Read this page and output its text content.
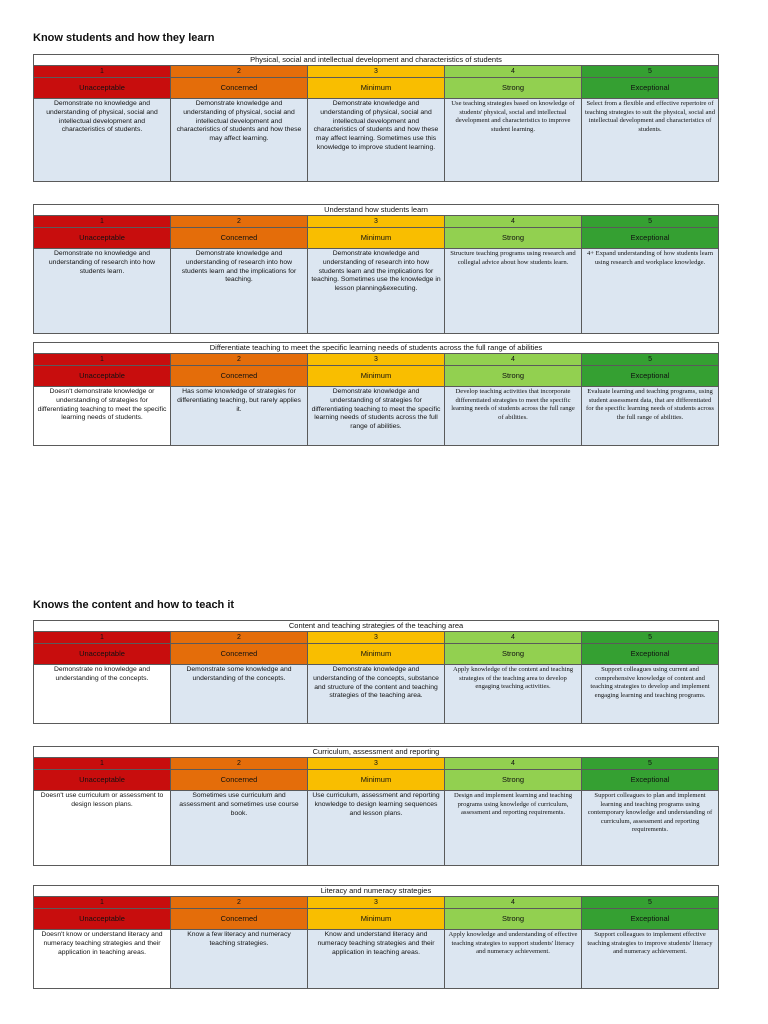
Know students and how they learn
Physical, social and intellectual development and characteristics of students				
1	2	3	4	5
Unacceptable	Concerned	Minimum	Strong	Exceptional
Demonstrate no knowledge and understanding of physical, social and intellectual development and characteristics of students.	Demonstrate knowledge and understanding of physical, social and intellectual development and characteristics of students and how these may affect learning.	Demonstrate knowledge and understanding of physical, social and intellectual development and characteristics of students and how these may affect learning. Sometimes use this knowledge to improve student learning.	Use teaching strategies based on knowledge of students' physical, social and intellectual development and characteristics to improve student learning.	Select from a flexible and effective repertoire of teaching strategies to suit the physical, social and intellectual development and characteristics of students.
Understand how students learn				
1	2	3	4	5
Unacceptable	Concerned	Minimum	Strong	Exceptional
Demonstrate no knowledge and understanding of research into how students learn.	Demonstrate knowledge and understanding of research into how students learn and the implications for teaching.	Demonstrate knowledge and understanding of research into how students learn and the implications for teaching. Sometimes use the knowledge in lesson planning&executing.	Structure teaching programs using research and collegial advice about how students learn.	4+ Expand understanding of how students learn using research and workplace knowledge.
Differentiate teaching to meet the specific learning needs of students across the full range of abilities				
1	2	3	4	5
Unacceptable	Concerned	Minimum	Strong	Exceptional
Doesn't demonstrate knowledge or understanding of strategies for differentiating teaching to meet the specific learning needs of students.	Has some knowledge of strategies for differentiating teaching, but rarely applies it.	Demonstrate knowledge and understanding of strategies for differentiating teaching to meet the specific learning needs of students across the full range of abilities.	Develop teaching activities that incorporate differentiated strategies to meet the specific learning needs of students across the full range of abilities.	Evaluate learning and teaching programs, using student assessment data, that are differentiated for the specific learning needs of students across the full range of abilities.
Knows the content and how to teach it
Content and teaching strategies of the teaching area				
1	2	3	4	5
Unacceptable	Concerned	Minimum	Strong	Exceptional
Demonstrate no knowledge and understanding of the concepts.	Demonstrate some knowledge and understanding of the concepts.	Demonstrate knowledge and understanding of the concepts, substance and structure of the content and teaching strategies of the teaching area.	Apply knowledge of the content and teaching strategies of the teaching area to develop engaging teaching activities.	Support colleagues using current and comprehensive knowledge of content and teaching strategies to develop and implement engaging learning and teaching programs.
Curriculum, assessment and reporting				
1	2	3	4	5
Unacceptable	Concerned	Minimum	Strong	Exceptional
Doesn't use curriculum or assessment to design lesson plans.	Sometimes use curriculum and assessment and sometimes use course book.	Use curriculum, assessment and reporting knowledge to design learning sequences and lesson plans.	Design and implement learning and teaching programs using knowledge of curriculum, assessment and reporting requirements.	Support colleagues to plan and implement learning and teaching programs using contemporary knowledge and understanding of curriculum, assessment and reporting requirements.
Literacy and numeracy strategies				
1	2	3	4	5
Unacceptable	Concerned	Minimum	Strong	Exceptional
Doesn't know or understand literacy and numeracy teaching strategies and their application in teaching areas.	Know a few literacy and numeracy teaching strategies.	Know and understand literacy and numeracy teaching strategies and their application in teaching areas.	Apply knowledge and understanding of effective teaching strategies to support students' literacy and numeracy achievement.	Support colleagues to implement effective teaching strategies to improve students' literacy and numeracy achievement.
